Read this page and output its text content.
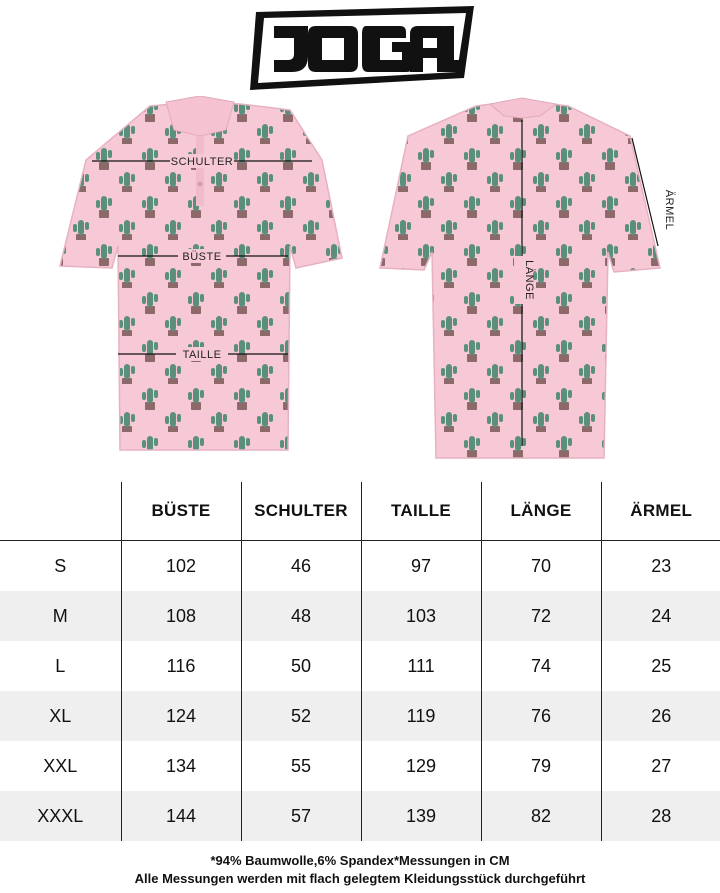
SCHULTER
BÜSTE
TAILLE
LÄNGE
ÄRMEL
	BÜSTE	SCHULTER	TAILLE	LÄNGE	ÄRMEL
S	102	46	97	70	23
M	108	48	103	72	24
L	116	50	111	74	25
XL	124	52	119	76	26
XXL	134	55	129	79	27
XXXL	144	57	139	82	28
*94% Baumwolle,6% Spandex*Messungen in CM
Alle Messungen werden mit flach gelegtem Kleidungsstück durchgeführt
